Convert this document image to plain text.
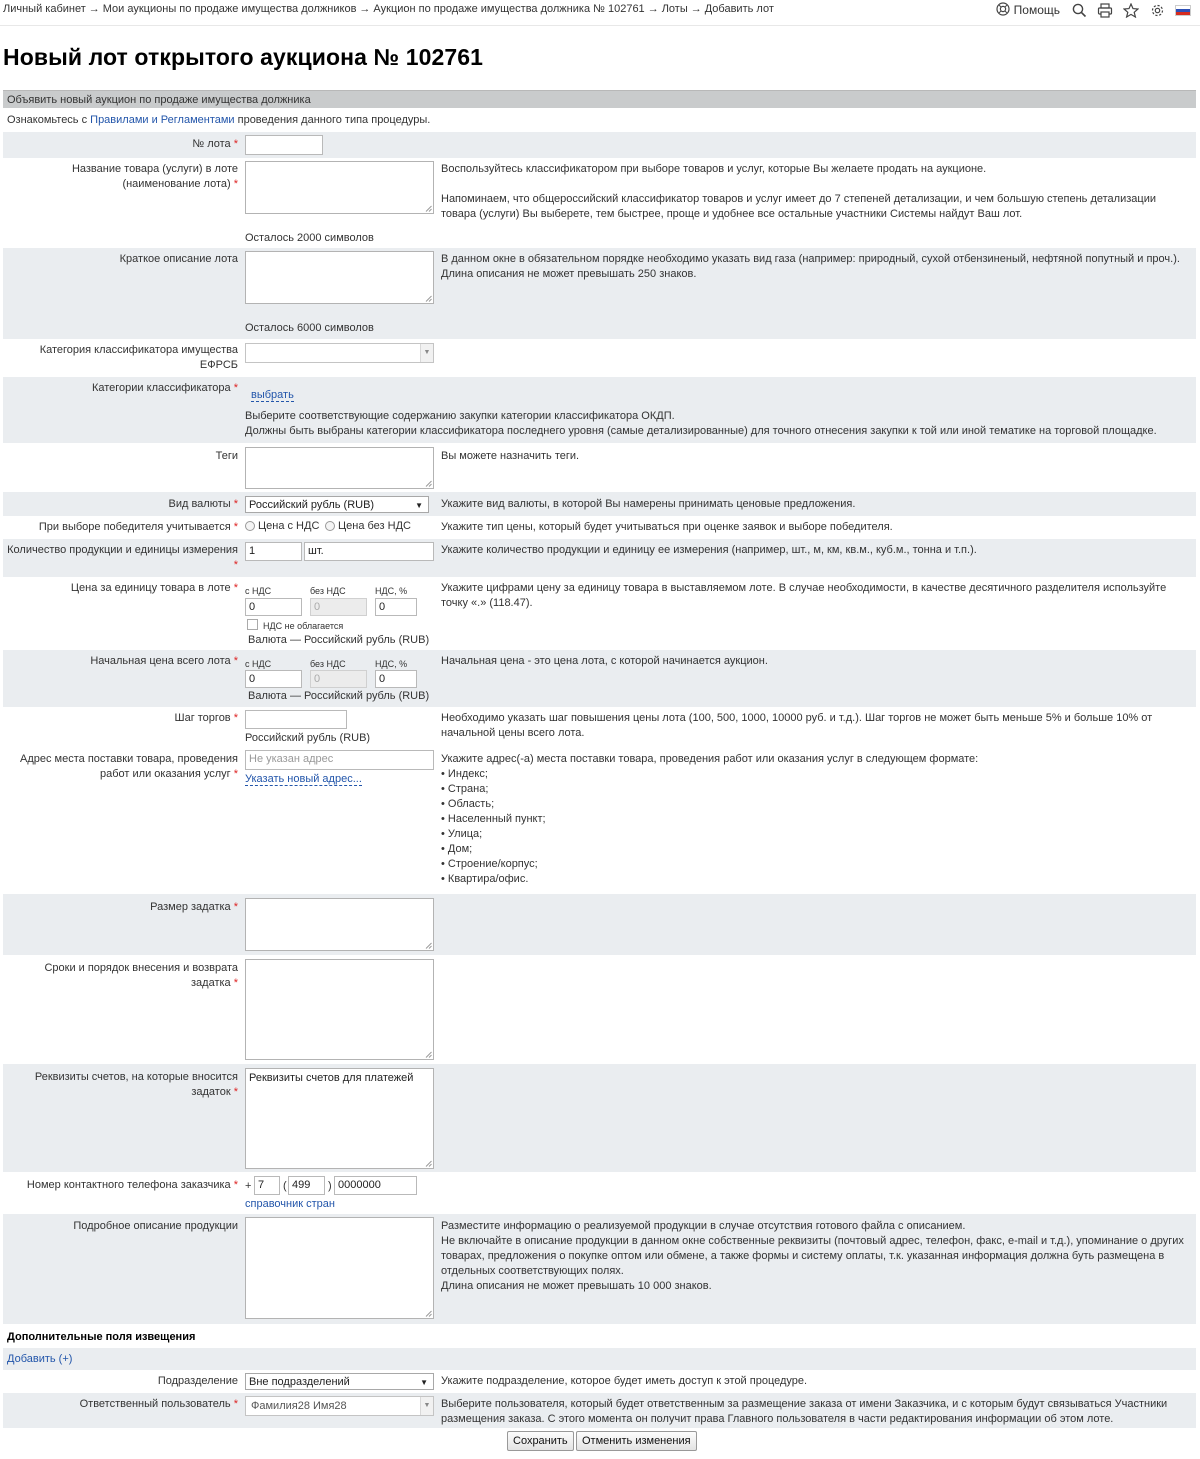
Личный кабинет → Мои аукционы по продаже имущества должников → Аукцион по продаже имущества должника № 102761 → Лоты → Добавить лот	Помощь
Новый лот открытого аукциона № 102761
Объявить новый аукцион по продаже имущества должника
Ознакомьтесь с Правилами и Регламентами проведения данного типа процедуры.
№ лота *
Название товара (услуги) в лоте (наименование лота) *
Осталось 2000 символов
Воспользуйтесь классификатором при выборе товаров и услуг, которые Вы желаете продать на аукционе.
Напоминаем, что общероссийский классификатор товаров и услуг имеет до 7 степеней детализации, и чем большую степень детализации товара (услуги) Вы выберете, тем быстрее, проще и удобнее все остальные участники Системы найдут Ваш лот.
Краткое описание лота
Осталось 6000 символов
В данном окне в обязательном порядке необходимо указать вид газа (например: природный, сухой отбензиненый, нефтяной попутный и проч.). Длина описания не может превышать 250 знаков.
Категория классификатора имущества ЕФРСБ
▼
Категории классификатора *
выбрать
Выберите соответствующие содержанию закупки категории классификатора ОКДП.
Должны быть выбраны категории классификатора последнего уровня (самые детализированные) для точного отнесения закупки к той или иной тематике на торговой площадке.
Теги	Вы можете назначить теги.
Вид валюты *	Российский рубль (RUB)	▼ Укажите вид валюты, в которой Вы намерены принимать ценовые предложения.
При выборе победителя учитывается * Цена с НДС Цена без НДС	Укажите тип цены, который будет учитываться при оценке заявок и выборе победителя.
Количество продукции и единицы измерения
*
1	шт.	Укажите количество продукции и единицу ее измерения (например, шт., м, км, кв.м., куб.м., тонна и т.п.).
Цена за единицу товара в лоте * с НДС	без НДС	НДС, %
0	0	0
НДС не облагается
Валюта — Российский рубль (RUB)
Укажите цифрами цену за единицу товара в выставляемом лоте. В случае необходимости, в качестве десятичного разделителя используйте точку «.» (118.47).
Начальная цена всего лота * с НДС	без НДС	НДС, %
0	0	0
Валюта — Российский рубль (RUB)
Начальная цена - это цена лота, с которой начинается аукцион.
Шаг торгов *
Российский рубль (RUB)
Необходимо указать шаг повышения цены лота (100, 500, 1000, 10000 руб. и т.д.). Шаг торгов не может быть меньше 5% и больше 10% от начальной цены всего лота.
Адрес места поставки товара, проведения работ или оказания услуг *
Не указан адрес
Указать новый адрес...
Укажите адрес(-а) места поставки товара, проведения работ или оказания услуг в следующем формате:
• Индекс;
• Страна;
• Область;
• Населенный пункт;
• Улица;
• Дом;
• Строение/корпус;
• Квартира/офис.
Размер задатка *
Сроки и порядок внесения и возврата задатка *
Реквизиты счетов, на которые вносится задаток *
Реквизиты счетов для платежей
Номер контактного телефона заказчика * + 7	( 499	) 0000000
справочник стран
Подробное описание продукции	Разместите информацию о реализуемой продукции в случае отсутствия готового файла с описанием.
Не включайте в описание продукции в данном окне собственные реквизиты (почтовый адрес, телефон, факс, e-mail и т.д.), упоминание о других товарах, предложения о покупке оптом или обмене, а также формы и систему оплаты, т.к. указанная информация должна буть размещена в отдельных соответствующих полях.
Длина описания не может превышать 10 000 знаков.
Дополнительные поля извещения
Добавить (+)
Подразделение	Вне подразделений	▼ Укажите подразделение, которое будет иметь доступ к этой процедуре.
Ответственный пользователь *	Фамилия28 Имя28	▼ Выберите пользователя, который будет ответственным за размещение заказа от имени Заказчика, и с которым будут связываться Участники размещения заказа. С этого момента он получит права Главного пользователя в части редактирования информации об этом лоте.
Сохранить	Отменить изменения
